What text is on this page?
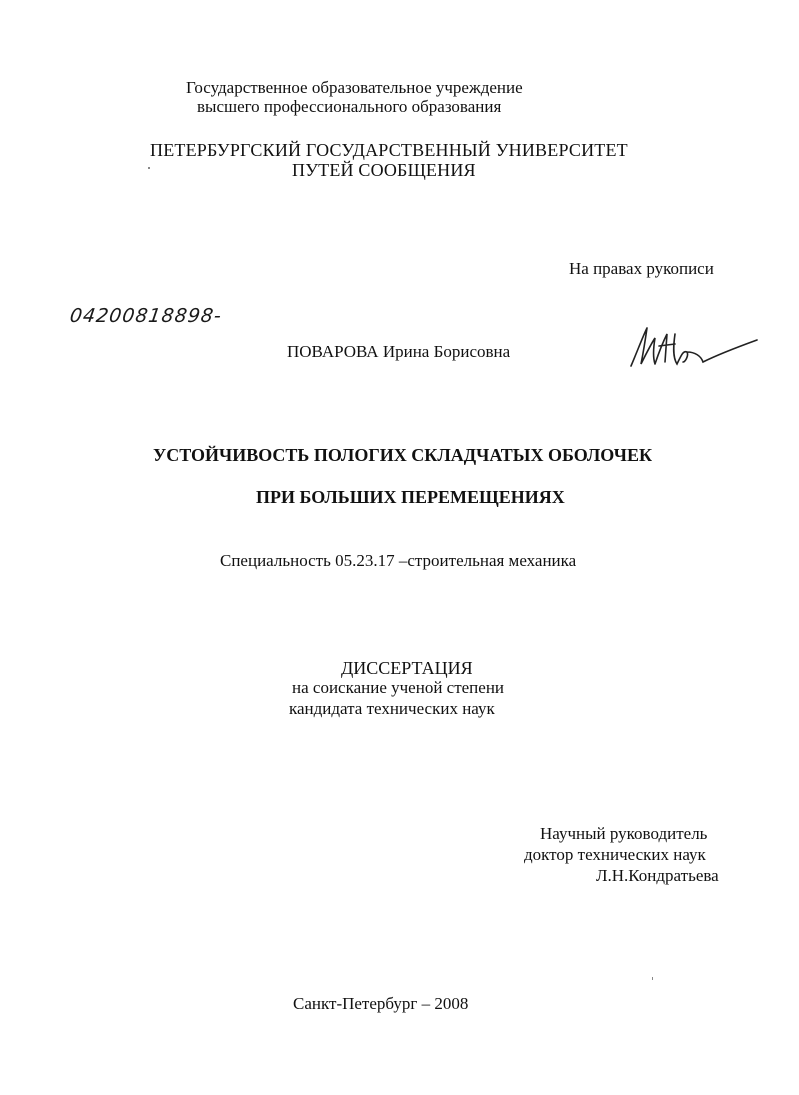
Государственное образовательное учреждение
высшего профессионального образования
ПЕТЕРБУРГСКИЙ ГОСУДАРСТВЕННЫЙ УНИВЕРСИТЕТ
ПУТЕЙ СООБЩЕНИЯ
На правах рукописи
04200818898-
ПОВАРОВА Ирина Борисовна
УСТОЙЧИВОСТЬ ПОЛОГИХ СКЛАДЧАТЫХ ОБОЛОЧЕК
ПРИ БОЛЬШИХ ПЕРЕМЕЩЕНИЯХ
Специальность 05.23.17 –строительная механика
ДИССЕРТАЦИЯ
на соискание ученой степени
кандидата технических наук
Научный руководитель
доктор технических наук
Л.Н.Кондратьева
Санкт-Петербург – 2008
